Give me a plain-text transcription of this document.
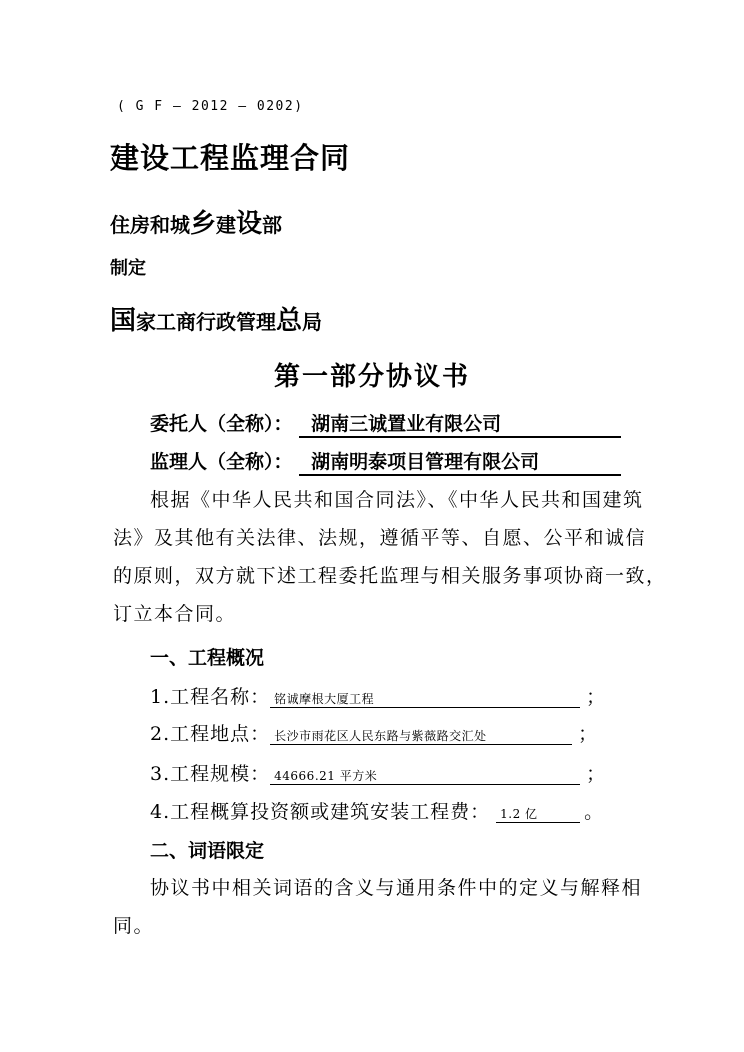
( G F – 2012 – 0202)
建设工程监理合同
住房和城乡建设部
制定
国家工商行政管理总局
第一部分协议书
委托人（全称）： 湖南三诚置业有限公司
监理人（全称）： 湖南明泰项目管理有限公司
根据《中华人民共和国合同法》、《中华人民共和国建筑
法》及其他有关法律、法规，遵循平等、自愿、公平和诚信
的原则，双方就下述工程委托监理与相关服务事项协商一致，
订立本合同。
一、工程概况
1.工程名称： 铭诚摩根大厦工程	；
2.工程地点： 长沙市雨花区人民东路与紫薇路交汇处	；
3.工程规模： 44666.21 平方米	；
4.工程概算投资额或建筑安装工程费： 1.2 亿 。
二、词语限定
协议书中相关词语的含义与通用条件中的定义与解释相
同。
